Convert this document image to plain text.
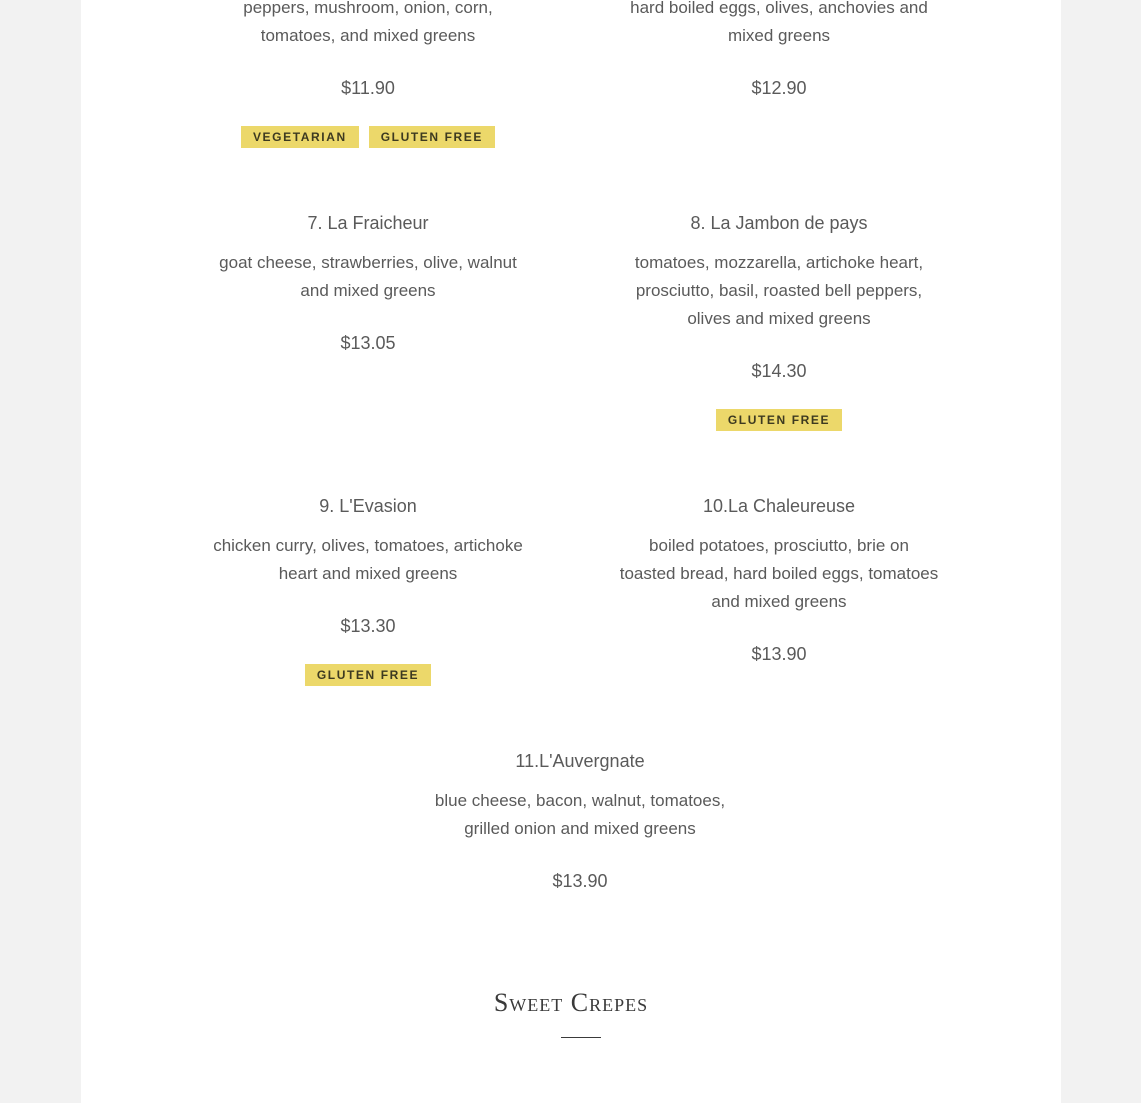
peppers, mushroom, onion, corn,
tomatoes, and mixed greens
$11.90
VEGETARIAN	GLUTEN FREE
hard boiled eggs, olives, anchovies and
mixed greens
$12.90
7. La Fraicheur
goat cheese, strawberries, olive, walnut
and mixed greens
$13.05
8. La Jambon de pays
tomatoes, mozzarella, artichoke heart,
prosciutto, basil, roasted bell peppers,
olives and mixed greens
$14.30
GLUTEN FREE
9. L'Evasion
chicken curry, olives, tomatoes, artichoke
heart and mixed greens
$13.30
GLUTEN FREE
10.La Chaleureuse
boiled potatoes, prosciutto, brie on
toasted bread, hard boiled eggs, tomatoes
and mixed greens
$13.90
11.L'Auvergnate
blue cheese, bacon, walnut, tomatoes,
grilled onion and mixed greens
$13.90
Sweet Crepes
